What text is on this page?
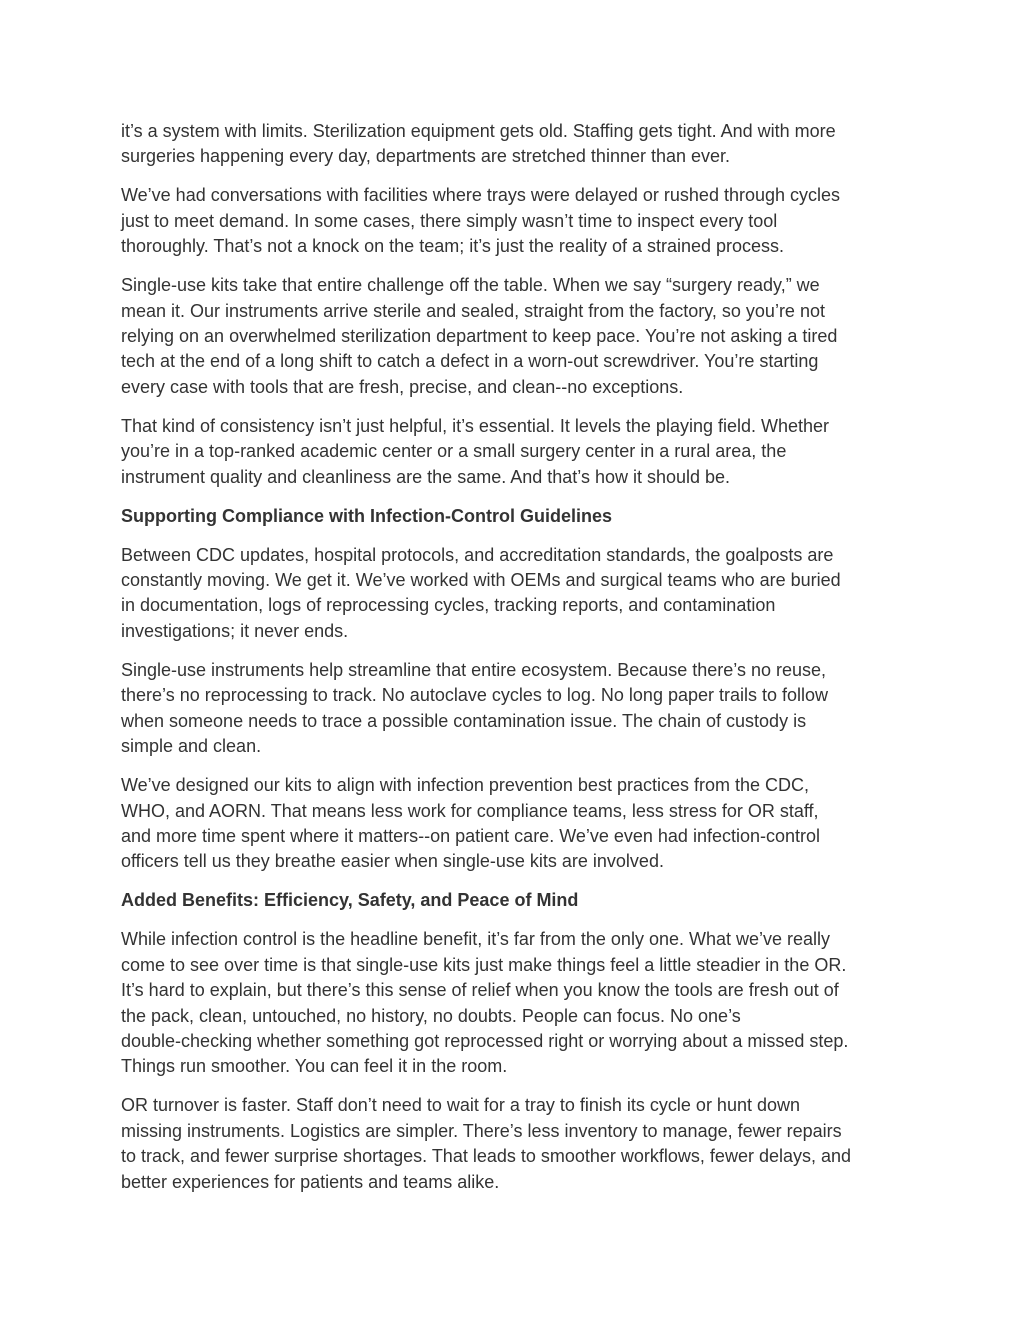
it’s a system with limits. Sterilization equipment gets old. Staffing gets tight. And with more
surgeries happening every day, departments are stretched thinner than ever.

We’ve had conversations with facilities where trays were delayed or rushed through cycles
just to meet demand. In some cases, there simply wasn’t time to inspect every tool
thoroughly. That’s not a knock on the team; it’s just the reality of a strained process.

Single-use kits take that entire challenge off the table. When we say “surgery ready,” we
mean it. Our instruments arrive sterile and sealed, straight from the factory, so you’re not
relying on an overwhelmed sterilization department to keep pace. You’re not asking a tired
tech at the end of a long shift to catch a defect in a worn-out screwdriver. You’re starting
every case with tools that are fresh, precise, and clean--no exceptions.

That kind of consistency isn’t just helpful, it’s essential. It levels the playing field. Whether
you’re in a top-ranked academic center or a small surgery center in a rural area, the
instrument quality and cleanliness are the same. And that’s how it should be.

Supporting Compliance with Infection-Control Guidelines

Between CDC updates, hospital protocols, and accreditation standards, the goalposts are
constantly moving. We get it. We’ve worked with OEMs and surgical teams who are buried
in documentation, logs of reprocessing cycles, tracking reports, and contamination
investigations; it never ends.

Single-use instruments help streamline that entire ecosystem. Because there’s no reuse,
there’s no reprocessing to track. No autoclave cycles to log. No long paper trails to follow
when someone needs to trace a possible contamination issue. The chain of custody is
simple and clean.

We’ve designed our kits to align with infection prevention best practices from the CDC,
WHO, and AORN. That means less work for compliance teams, less stress for OR staff,
and more time spent where it matters--on patient care. We’ve even had infection-control
officers tell us they breathe easier when single-use kits are involved.

Added Benefits: Efficiency, Safety, and Peace of Mind

While infection control is the headline benefit, it’s far from the only one. What we’ve really
come to see over time is that single-use kits just make things feel a little steadier in the OR.
It’s hard to explain, but there’s this sense of relief when you know the tools are fresh out of
the pack, clean, untouched, no history, no doubts. People can focus. No one’s
double-checking whether something got reprocessed right or worrying about a missed step.
Things run smoother. You can feel it in the room.

OR turnover is faster. Staff don’t need to wait for a tray to finish its cycle or hunt down
missing instruments. Logistics are simpler. There’s less inventory to manage, fewer repairs
to track, and fewer surprise shortages. That leads to smoother workflows, fewer delays, and
better experiences for patients and teams alike.
